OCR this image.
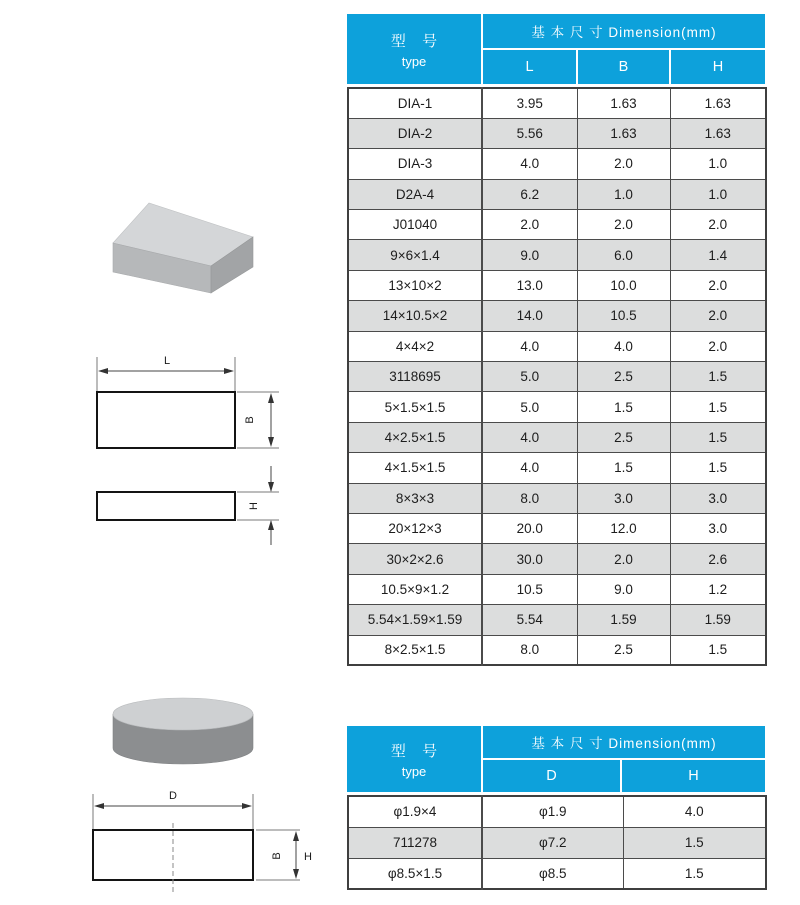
L
B
H
D
B H
型 号
type
基 本 尺 寸 Dimension(mm)
L	B	H
DIA-1	3.95	1.63	1.63
DIA-2	5.56	1.63	1.63
DIA-3	4.0	2.0	1.0
D2A-4	6.2	1.0	1.0
J01040	2.0	2.0	2.0
9×6×1.4	9.0	6.0	1.4
13×10×2	13.0	10.0	2.0
14×10.5×2	14.0	10.5	2.0
4×4×2	4.0	4.0	2.0
3118695	5.0	2.5	1.5
5×1.5×1.5	5.0	1.5	1.5
4×2.5×1.5	4.0	2.5	1.5
4×1.5×1.5	4.0	1.5	1.5
8×3×3	8.0	3.0	3.0
20×12×3	20.0	12.0	3.0
30×2×2.6	30.0	2.0	2.6
10.5×9×1.2	10.5	9.0	1.2
5.54×1.59×1.59	5.54	1.59	1.59
8×2.5×1.5	8.0	2.5	1.5
型 号
type
基 本 尺 寸 Dimension(mm)
D	H
φ1.9×4	φ1.9	4.0
711278	φ7.2	1.5
φ8.5×1.5	φ8.5	1.5
